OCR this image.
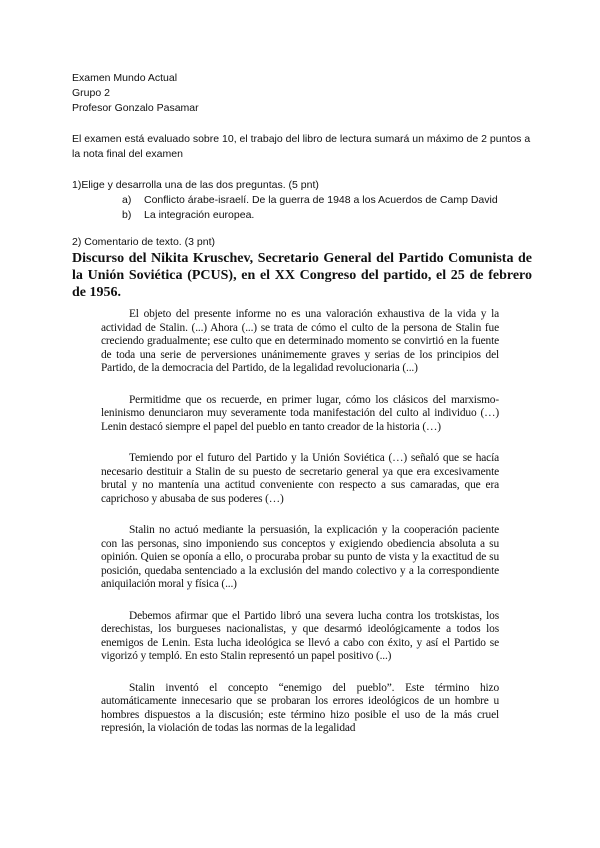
Examen Mundo Actual
Grupo 2
Profesor Gonzalo Pasamar
El examen está evaluado sobre 10, el trabajo del libro de lectura sumará un máximo de 2 puntos a la nota final del examen
1)Elige y desarrolla una de las dos preguntas. (5 pnt)
a)	Conflicto árabe-israelí. De la guerra de 1948 a los Acuerdos de Camp David
b)	La integración europea.
2) Comentario de texto. (3 pnt)
Discurso del Nikita Kruschev, Secretario General del Partido Comunista de la Unión Soviética (PCUS), en el XX Congreso del partido, el 25 de febrero de 1956.

El objeto del presente informe no es una valoración exhaustiva de la vida y la actividad de Stalin. (...) Ahora (...) se trata de cómo el culto de la persona de Stalin fue creciendo gradualmente; ese culto que en determinado momento se convirtió en la fuente de toda una serie de perversiones unánimemente graves y serias de los principios del Partido, de la democracia del Partido, de la legalidad revolucionaria (...)

Permitidme que os recuerde, en primer lugar, cómo los clásicos del marxismo-leninismo denunciaron muy severamente toda manifestación del culto al individuo (…) Lenin destacó siempre el papel del pueblo en tanto creador de la historia (…)

Temiendo por el futuro del Partido y la Unión Soviética (…) señaló que se hacía necesario destituir a Stalin de su puesto de secretario general ya que era excesivamente brutal y no mantenía una actitud conveniente con respecto a sus camaradas, que era caprichoso y abusaba de sus poderes (…)

Stalin no actuó mediante la persuasión, la explicación y la cooperación paciente con las personas, sino imponiendo sus conceptos y exigiendo obediencia absoluta a su opinión. Quien se oponía a ello, o procuraba probar su punto de vista y la exactitud de su posición, quedaba sentenciado a la exclusión del mando colectivo y a la correspondiente aniquilación moral y física (...)

Debemos afirmar que el Partido libró una severa lucha contra los trotskistas, los derechistas, los burgueses nacionalistas, y que desarmó ideológicamente a todos los enemigos de Lenin. Esta lucha ideológica se llevó a cabo con éxito, y así el Partido se vigorizó y templó. En esto Stalin representó un papel positivo (...)

Stalin inventó el concepto “enemigo del pueblo”. Este término hizo automáticamente innecesario que se probaran los errores ideológicos de un hombre u hombres dispuestos a la discusión; este término hizo posible el uso de la más cruel represión, la violación de todas las normas de la legalidad
